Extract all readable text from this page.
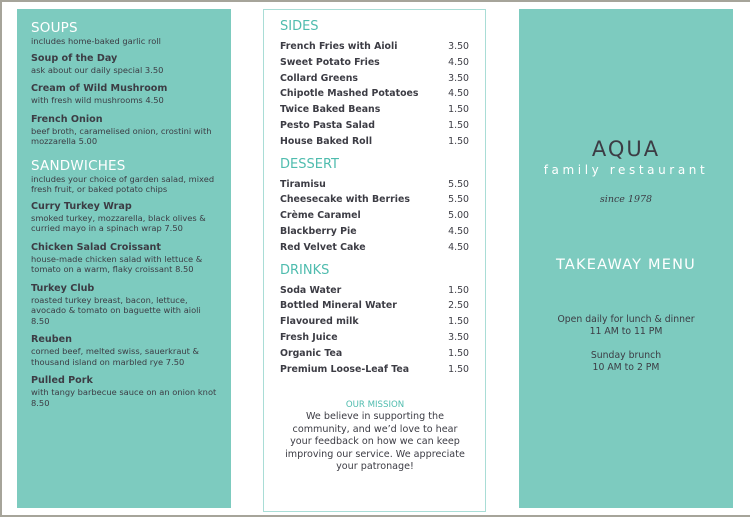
SOUPS
includes home-baked garlic roll
Soup of the Day
ask about our daily special 3.50
Cream of Wild Mushroom
with fresh wild mushrooms 4.50
French Onion
beef broth, caramelised onion, crostini with mozzarella 5.00
SANDWICHES
includes your choice of garden salad, mixed fresh fruit, or baked potato chips
Curry Turkey Wrap
smoked turkey, mozzarella, black olives & curried mayo in a spinach wrap 7.50
Chicken Salad Croissant
house-made chicken salad with lettuce & tomato on a warm, flaky croissant 8.50
Turkey Club
roasted turkey breast, bacon, lettuce, avocado & tomato on baguette with aioli 8.50
Reuben
corned beef, melted swiss, sauerkraut & thousand island on marbled rye 7.50
Pulled Pork
with tangy barbecue sauce on an onion knot 8.50
SIDES
French Fries with Aioli	3.50
Sweet Potato Fries	4.50
Collard Greens	3.50
Chipotle Mashed Potatoes	4.50
Twice Baked Beans	1.50
Pesto Pasta Salad	1.50
House Baked Roll	1.50
DESSERT
Tiramisu	5.50
Cheesecake with Berries	5.50
Crème Caramel	5.00
Blackberry Pie	4.50
Red Velvet Cake	4.50
DRINKS
Soda Water	1.50
Bottled Mineral Water	2.50
Flavoured milk	1.50
Fresh Juice	3.50
Organic Tea	1.50
Premium Loose-Leaf Tea	1.50
OUR MISSION
We believe in supporting the community, and we’d love to hear your feedback on how we can keep improving our service. We appreciate your patronage!
AQUA
family restaurant
since 1978
TAKEAWAY MENU
Open daily for lunch & dinner
11 AM to 11 PM
Sunday brunch
10 AM to 2 PM
